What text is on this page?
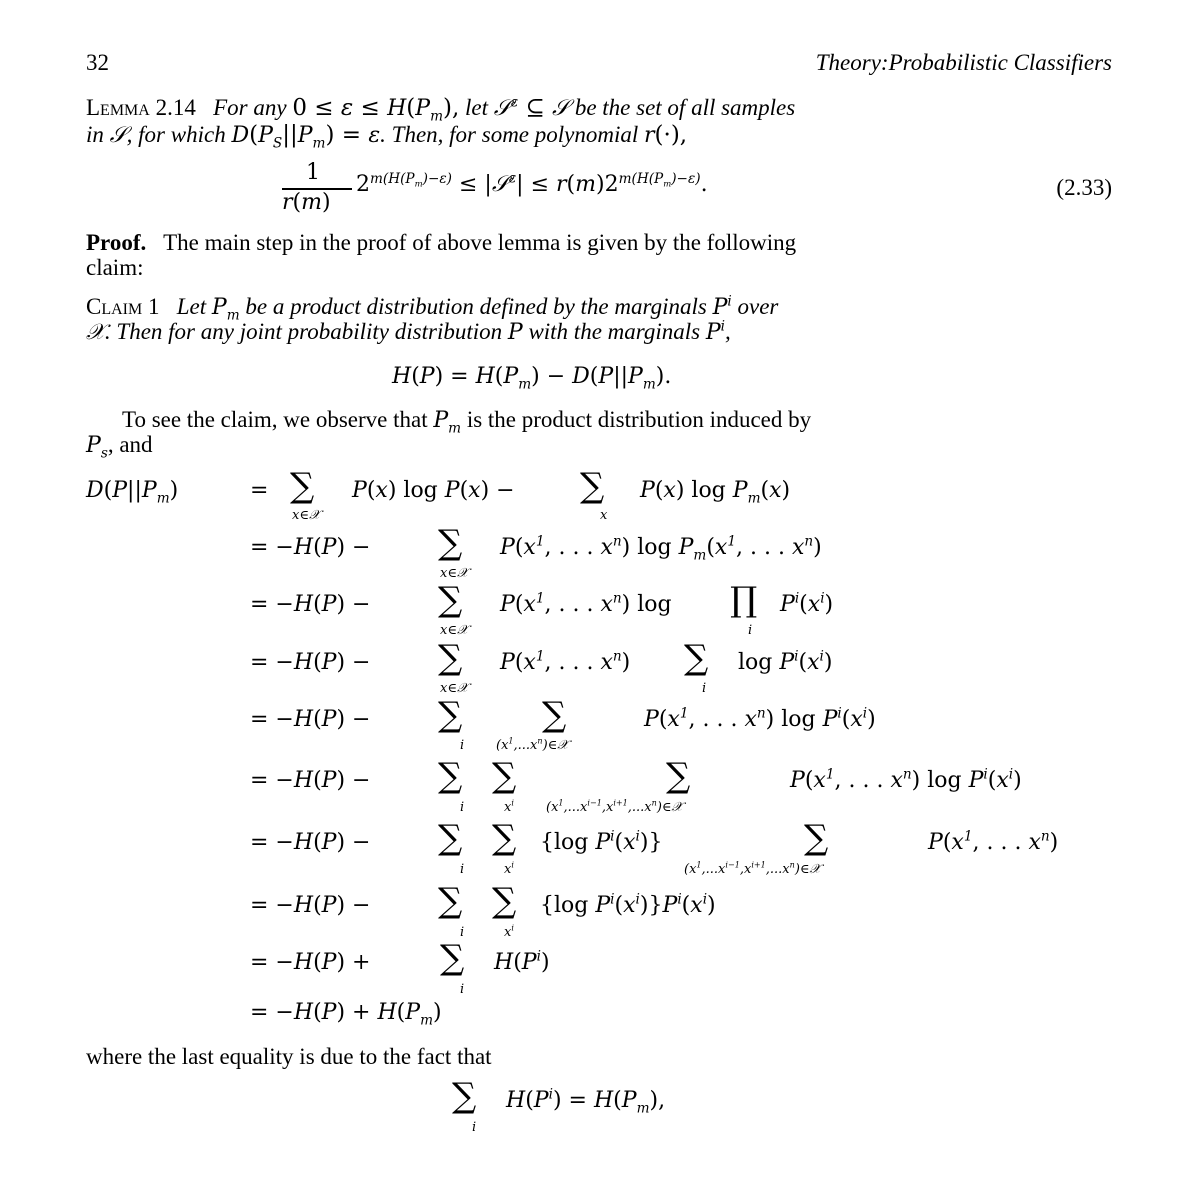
32	Theory:Probabilistic Classifiers
Lemma 2.14 For any $0 \le \varepsilon \le H(P_m)$, let 𝒮$^\varepsilon$ ⊆ 𝒮 be the set of all samples
in 𝒮, for which $D(P_S||P_m) = \varepsilon$. Then, for some polynomial r(·),
1
r(m)
$2^{m(H(P_m)-\varepsilon)}$ ≤ |𝒮$^\varepsilon$| ≤ $r(m)2^{m(H(P_m)-\varepsilon)}$.	(2.33)
Proof. The main step in the proof of above lemma is given by the following
claim:
Claim 1 Let $P_m$ be a product distribution defined by the marginals $P^i$ over
𝒳. Then for any joint probability distribution P with the marginals $P^i$,
$H(P) = H(P_m) - D(P||P_m)$.
To see the claim, we observe that $P_m$ is the product distribution induced by
$P_s$, and
$D(P||P_m)$	= ∑
x∈𝒳
P(x) log P(x) − ∑
x
P(x) $\log P_m(x)$
= −H(P) − ∑
x∈𝒳
$P(x^1$, . . . $x^n$) $\log P_m(x^1$, . . . $x^n$)
= −H(P) − ∑
x∈𝒳
$P(x^1$, . . . $x^n$) log ∏
i
$P^i(x^i)$
= −H(P) − ∑
x∈𝒳
$P(x^1$, . . . $x^n$) ∑
i
$\log P^i(x^i)$
= −H(P) − ∑
i
∑
$(x^1,...x^n)\in 𝒳$
$P(x^1$, . . . $x^n$) $\log P^i(x^i)$
= −H(P) − ∑
i
∑
$x^i$
∑
$(x^1,...x^{i-1},x^{i+1},...x^n)\in 𝒳$
$P(x^1$, . . . $x^n$) $\log P^i(x^i)$
= −H(P) − ∑
i
∑
$x^i$
{log $P^i(x^i)$}	∑
$(x^1,...x^{i-1},x^{i+1},...x^n)\in 𝒳$
$P(x^1$, . . . $x^n$)
= −H(P) − ∑
i
∑
$x^i$
{log $P^i(x^i)\}P^i(x^i)$
= −H(P) + ∑
i
$H(P^i)$
= $-H(P) + H(P_m)$
where the last equality is due to the fact that
∑
i
$H(P^i) = H(P_m)$,
